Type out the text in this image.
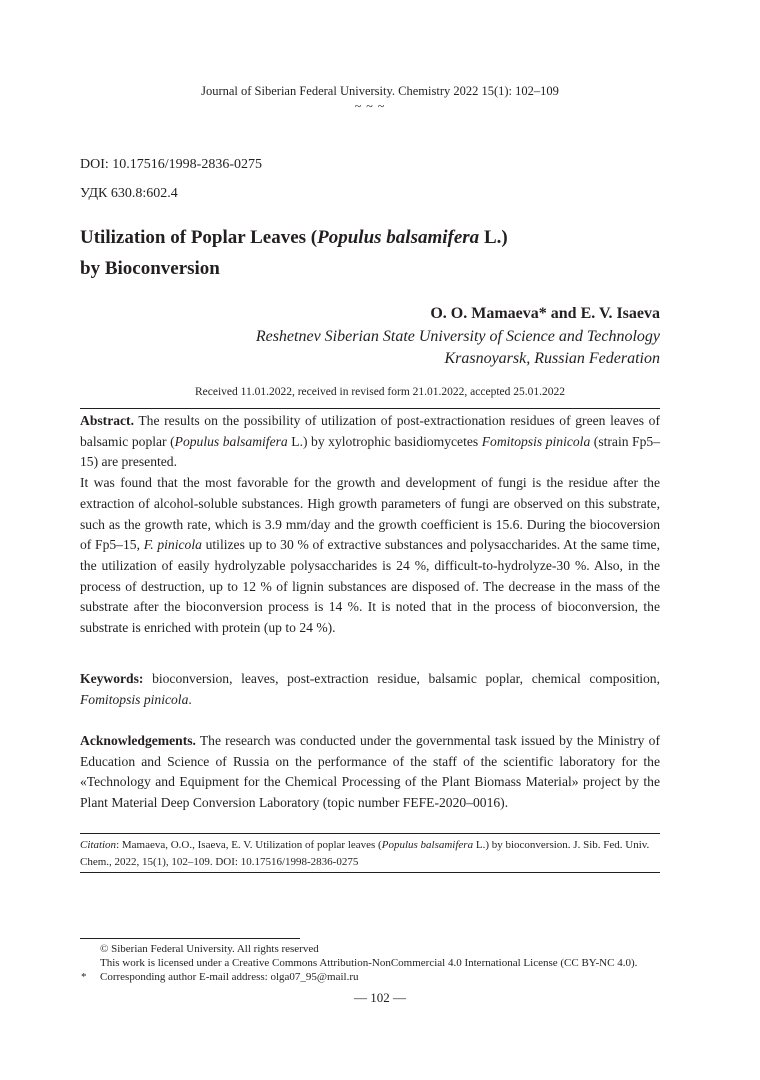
Journal of Siberian Federal University. Chemistry 2022 15(1): 102–109
~ ~ ~
DOI: 10.17516/1998-2836-0275
УДК 630.8:602.4
Utilization of Poplar Leaves (Populus balsamifera L.)
by Bioconversion
O. O. Mamaeva* and E. V. Isaeva
Reshetnev Siberian State University of Science and Technology
Krasnoyarsk, Russian Federation
Received 11.01.2022, received in revised form 21.01.2022, accepted 25.01.2022

Abstract. The results on the possibility of utilization of post-extractionation residues of green leaves of balsamic poplar (Populus balsamifera L.) by xylotrophic basidiomycetes Fomitopsis pinicola (strain Fp5–15) are presented.

It was found that the most favorable for the growth and development of fungi is the residue after the extraction of alcohol-soluble substances. High growth parameters of fungi are observed on this substrate, such as the growth rate, which is 3.9 mm/day and the growth coefficient is 15.6. During the biocoversion of Fp5–15, F. pinicola utilizes up to 30 % of extractive substances and polysaccharides. At the same time, the utilization of easily hydrolyzable polysaccharides is 24 %, difficult-to-hydrolyze-30 %. Also, in the process of destruction, up to 12 % of lignin substances are disposed of. The decrease in the mass of the substrate after the bioconversion process is 14 %. It is noted that in the process of bioconversion, the substrate is enriched with protein (up to 24 %).

Keywords: bioconversion, leaves, post-extraction residue, balsamic poplar, chemical composition, Fomitopsis pinicola.

Acknowledgements. The research was conducted under the governmental task issued by the Ministry of Education and Science of Russia on the performance of the staff of the scientific laboratory for the «Technology and Equipment for the Chemical Processing of the Plant Biomass Material» project by the Plant Material Deep Conversion Laboratory (topic number FEFE-2020–0016).

Citation: Mamaeva, O.O., Isaeva, E. V. Utilization of poplar leaves (Populus balsamifera L.) by bioconversion. J. Sib. Fed. Univ. Chem., 2022, 15(1), 102–109. DOI: 10.17516/1998-2836-0275
© Siberian Federal University. All rights reserved
This work is licensed under a Creative Commons Attribution-NonCommercial 4.0 International License (CC BY-NC 4.0).
* Corresponding author E-mail address: olga07_95@mail.ru
— 102 —
